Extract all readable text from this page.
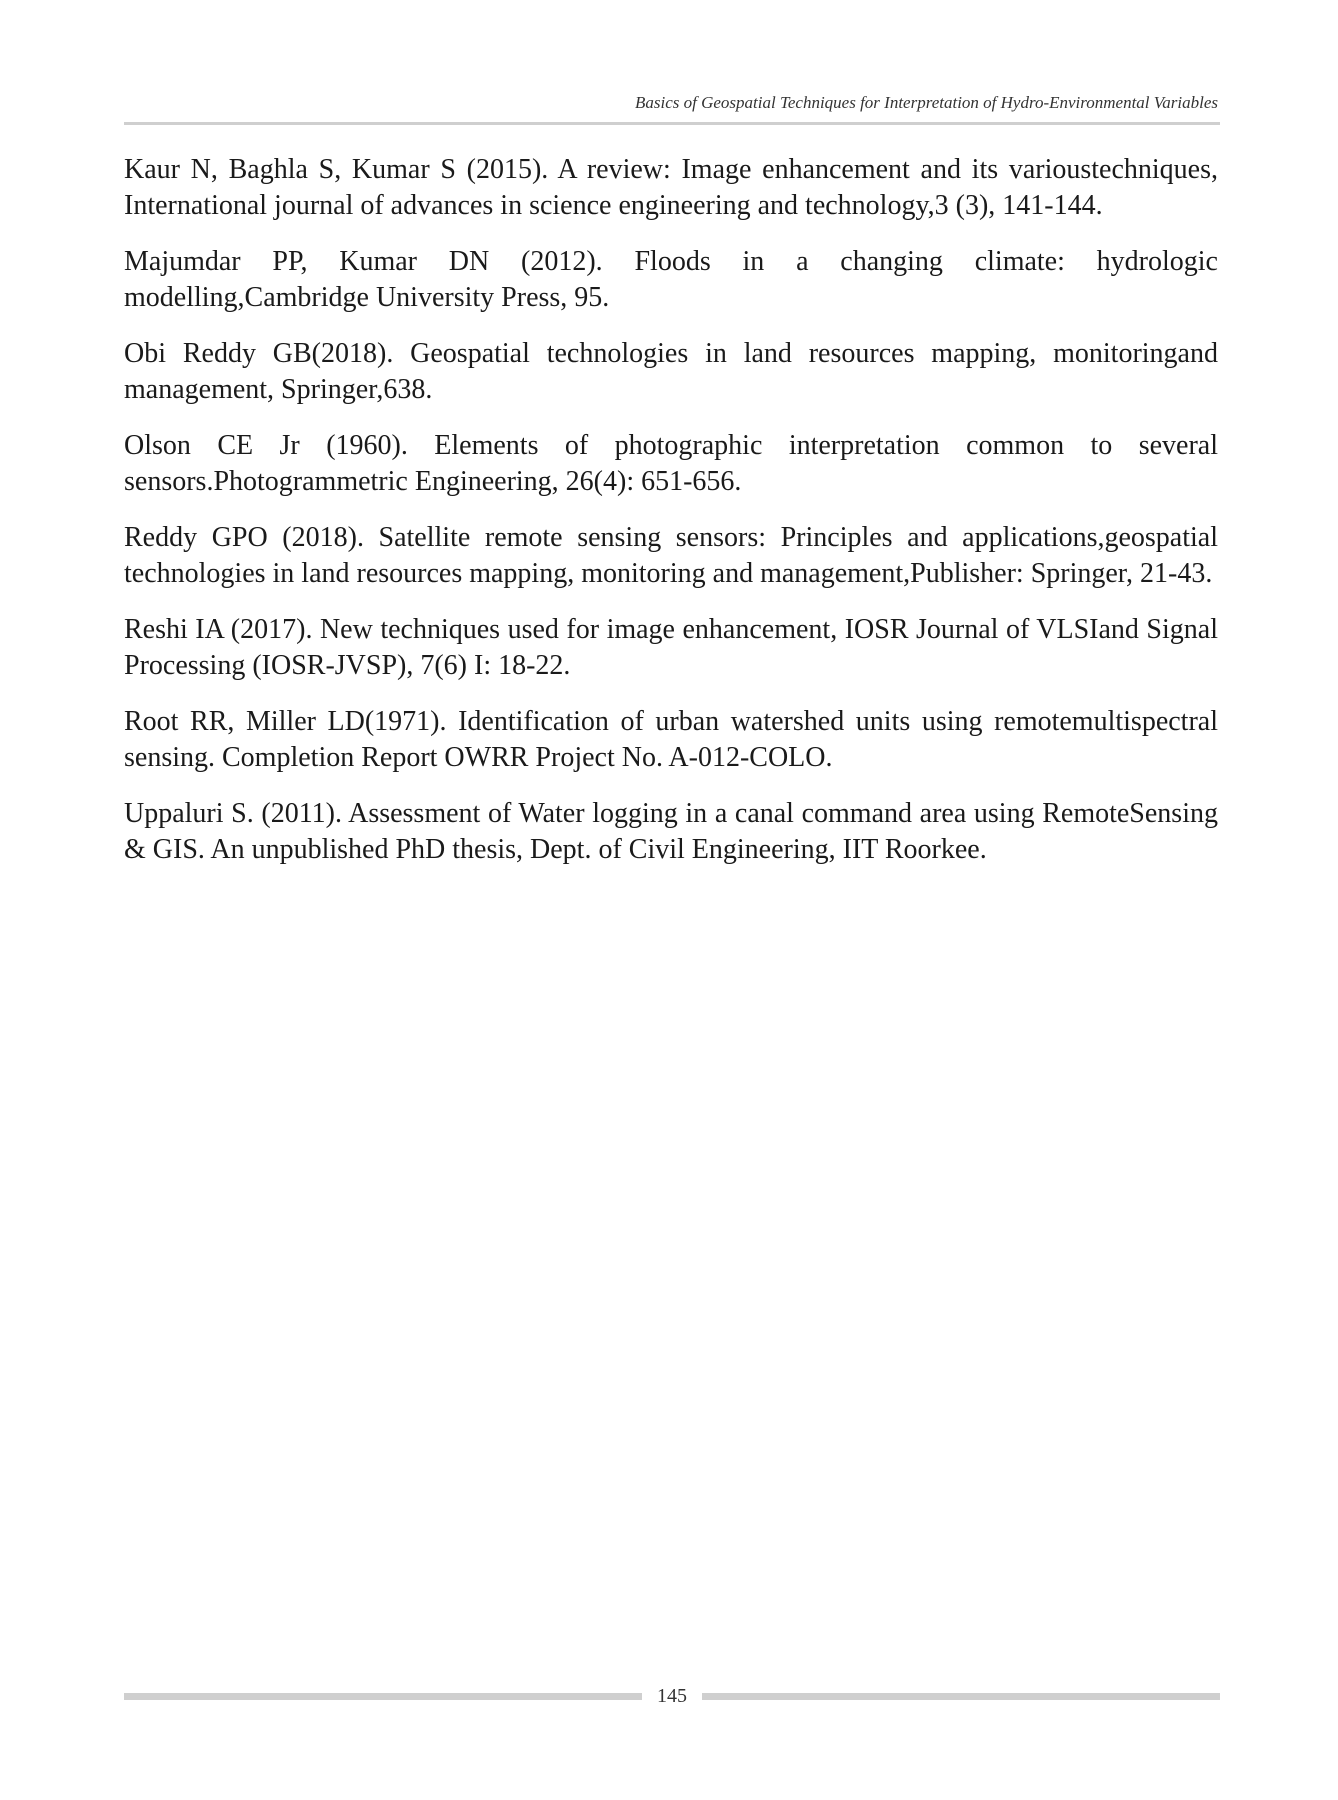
Basics of Geospatial Techniques for Interpretation of Hydro-Environmental Variables

Kaur N, Baghla S, Kumar S (2015). A review: Image enhancement and its varioustechniques, International journal of advances in science engineering and technology,3 (3), 141-144.

Majumdar PP, Kumar DN (2012). Floods in a changing climate: hydrologic modelling,Cambridge University Press, 95.

Obi Reddy GB(2018). Geospatial technologies in land resources mapping, monitoringand management, Springer,638.

Olson CE Jr (1960). Elements of photographic interpretation common to several sensors.Photogrammetric Engineering, 26(4): 651-656.

Reddy GPO (2018). Satellite remote sensing sensors: Principles and applications,geospatial technologies in land resources mapping, monitoring and management,Publisher: Springer, 21-43.

Reshi IA (2017). New techniques used for image enhancement, IOSR Journal of VLSIand Signal Processing (IOSR-JVSP), 7(6) I: 18-22.

Root RR, Miller LD(1971). Identification of urban watershed units using remotemultispectral sensing. Completion Report OWRR Project No. A-012-COLO.

Uppaluri S. (2011). Assessment of Water logging in a canal command area using RemoteSensing & GIS. An unpublished PhD thesis, Dept. of Civil Engineering, IIT Roorkee.

145
